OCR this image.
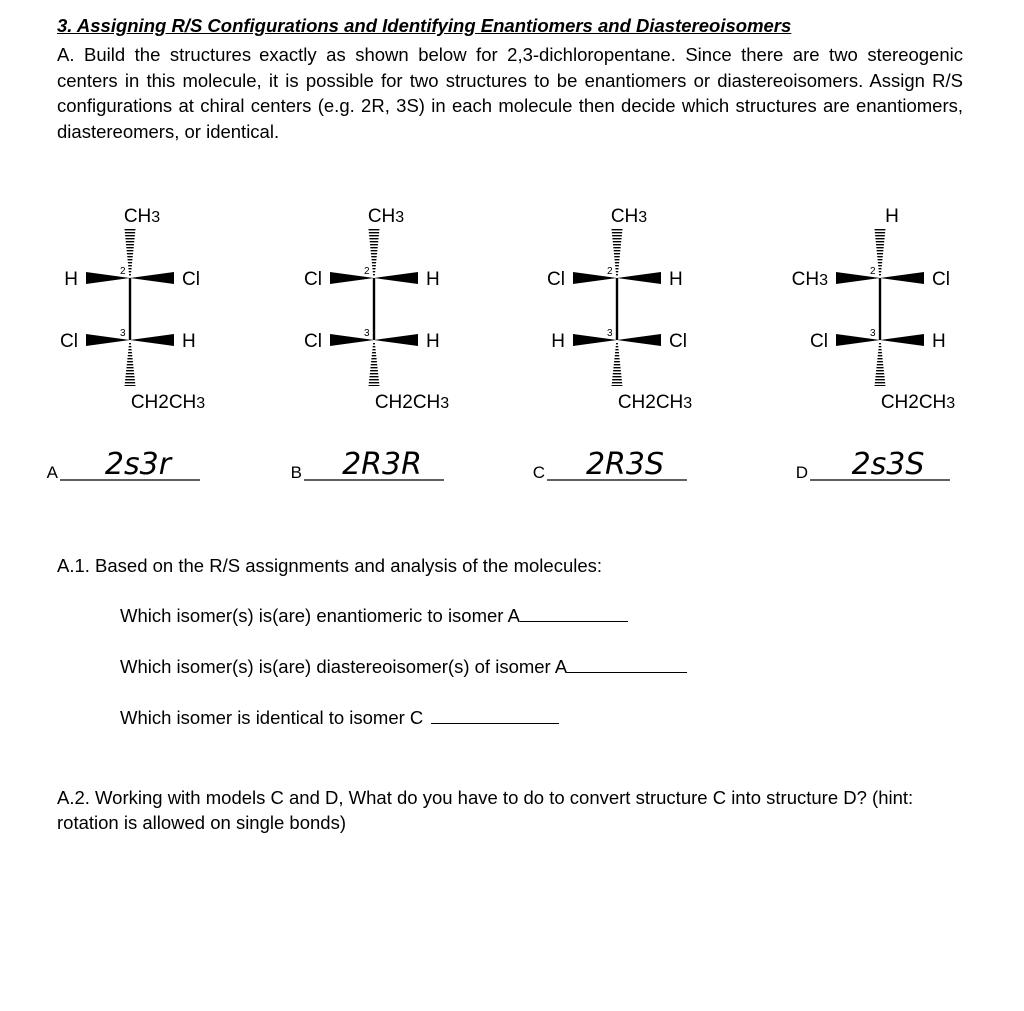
3. Assigning R/S Configurations and Identifying Enantiomers and Diastereoisomers
A. Build the structures exactly as shown below for 2,3-dichloropentane. Since there are two stereogenic centers in this molecule, it is possible for two structures to be enantiomers or diastereoisomers. Assign R/S configurations at chiral centers (e.g. 2R, 3S) in each molecule then decide which structures are enantiomers, diastereomers, or identical.
CH3
CH2CH3
H	Cl
Cl	H
2
3
A 2s3r
CH3
CH2CH3
Cl	H
Cl	H
2
3
B 2R3R
CH3
CH2CH3
Cl	H
H	Cl
2
3
C 2R3S
H
CH2CH3
CH3	Cl
Cl	H
2
3
D 2s3S
A.1. Based on the R/S assignments and analysis of the molecules:
Which isomer(s) is(are) enantiomeric to isomer A
Which isomer(s) is(are) diastereoisomer(s) of isomer A
Which isomer is identical to isomer C
A.2. Working with models C and D, What do you have to do to convert structure C into structure D? (hint: rotation is allowed on single bonds)
